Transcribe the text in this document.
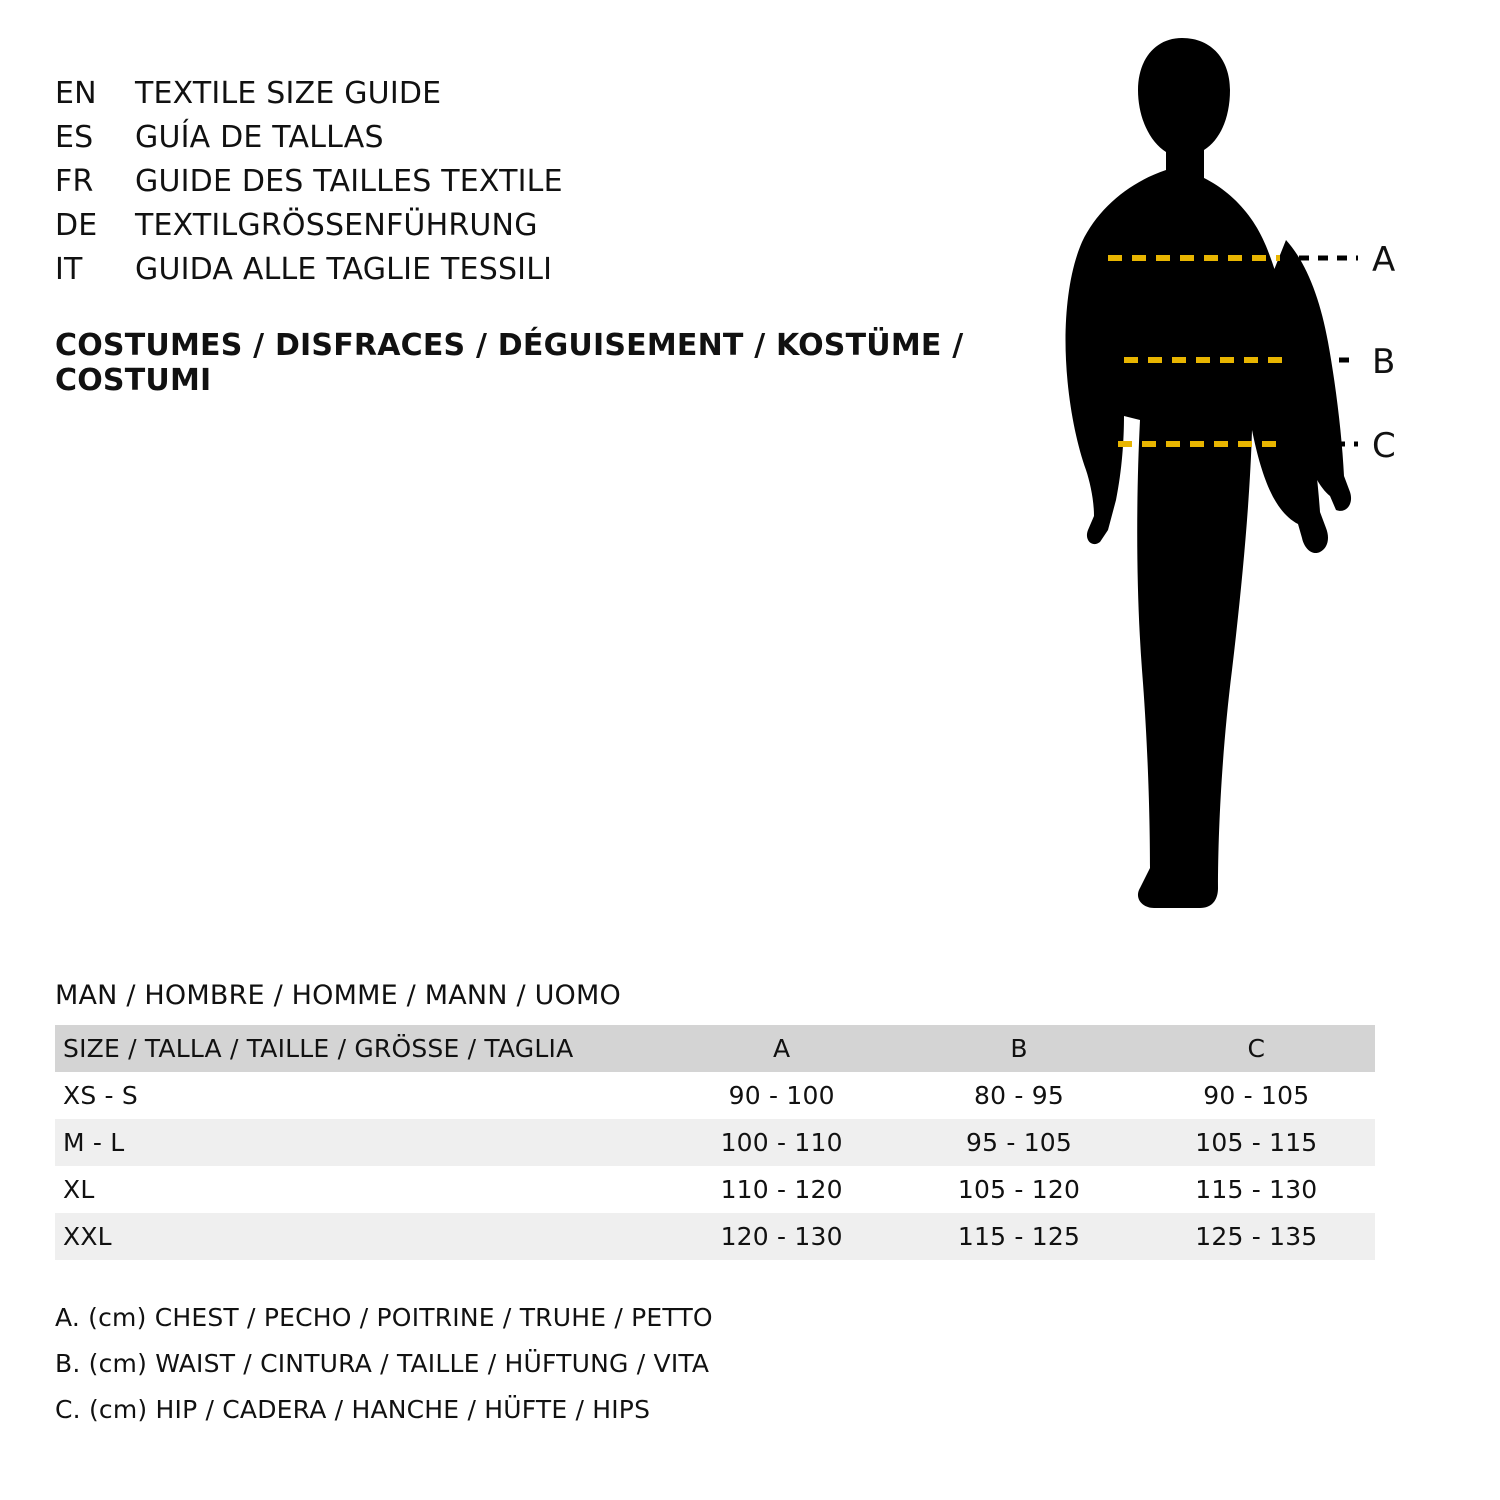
EN	TEXTILE SIZE GUIDE
ES	GUÍA DE TALLAS
FR	GUIDE DES TAILLES TEXTILE
DE	TEXTILGRÖSSENFÜHRUNG
IT	GUIDA ALLE TAGLIE TESSILI
COSTUMES / DISFRACES / DÉGUISEMENT / KOSTÜME / COSTUMI
A
B
C
MAN / HOMBRE / HOMME / MANN / UOMO
SIZE / TALLA / TAILLE / GRÖSSE / TAGLIA	A	B	C
XS - S	90 - 100	80 - 95	90 - 105
M - L	100 - 110	95 - 105	105 - 115
XL	110 - 120	105 - 120	115 - 130
XXL	120 - 130	115 - 125	125 - 135
A. (cm) CHEST / PECHO / POITRINE / TRUHE / PETTO
B. (cm) WAIST / CINTURA / TAILLE / HÜFTUNG / VITA
C. (cm) HIP / CADERA / HANCHE / HÜFTE / HIPS
